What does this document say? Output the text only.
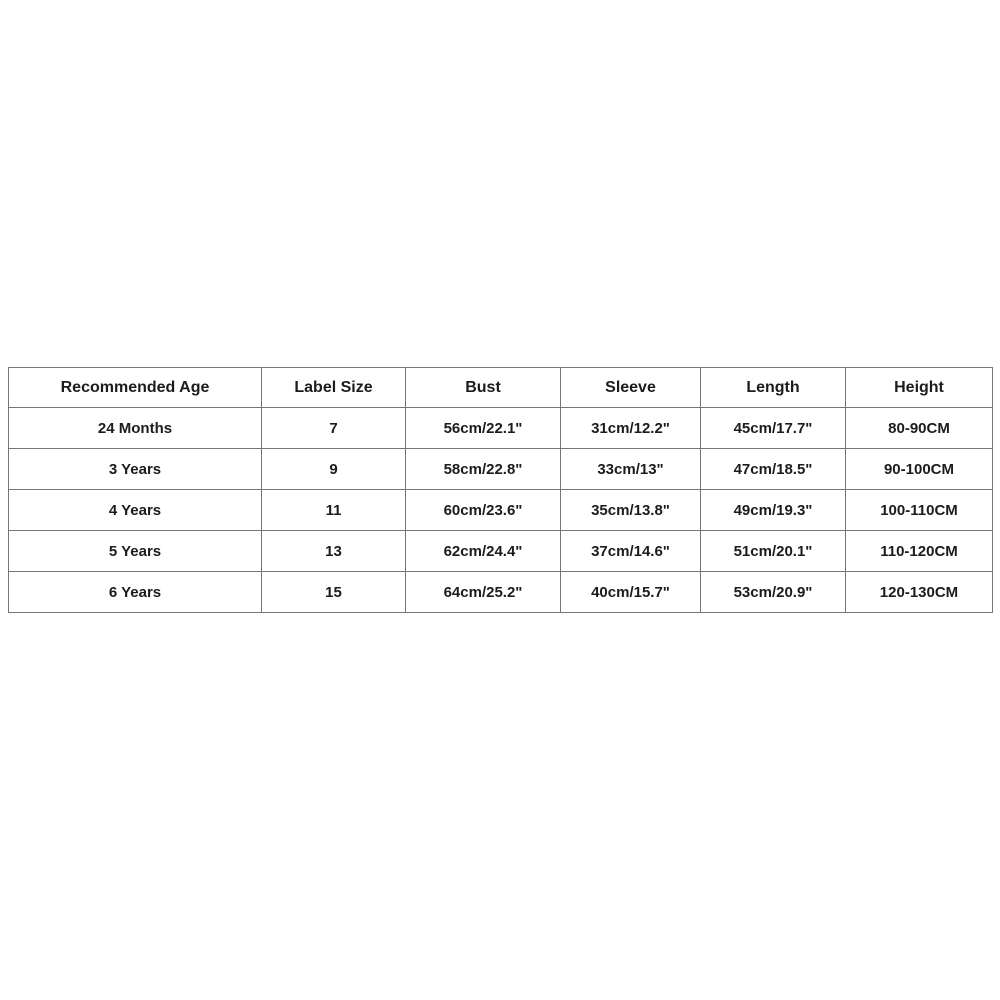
Recommended Age	Label Size	Bust	Sleeve	Length	Height
24 Months	7	56cm/22.1"	31cm/12.2"	45cm/17.7"	80-90CM
3 Years	9	58cm/22.8"	33cm/13"	47cm/18.5"	90-100CM
4 Years	11	60cm/23.6"	35cm/13.8"	49cm/19.3"	100-110CM
5 Years	13	62cm/24.4"	37cm/14.6"	51cm/20.1"	110-120CM
6 Years	15	64cm/25.2"	40cm/15.7"	53cm/20.9"	120-130CM
